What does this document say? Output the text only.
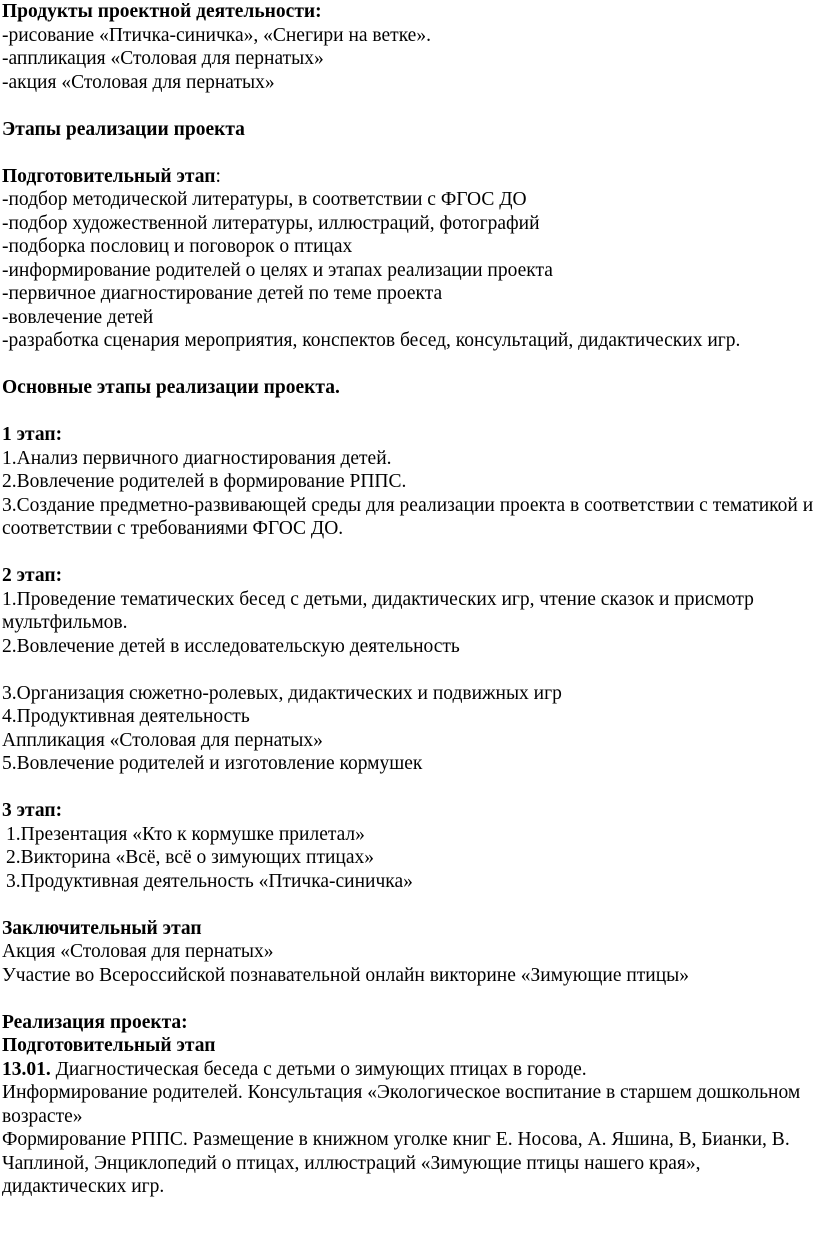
Продукты проектной деятельности:
-рисование «Птичка-синичка», «Снегири на ветке».
-аппликация «Столовая для пернатых»
-акция «Столовая для пернатых»
Этапы реализации проекта
Подготовительный этап:
-подбор методической литературы, в соответствии с ФГОС ДО
-подбор художественной литературы, иллюстраций, фотографий
-подборка пословиц и поговорок о птицах
-информирование родителей о целях и этапах реализации проекта
-первичное диагностирование детей по теме проекта
-вовлечение детей
-разработка сценария мероприятия, конспектов бесед, консультаций, дидактических игр.
Основные этапы реализации проекта.
1 этап:
1.Анализ первичного диагностирования детей.
2.Вовлечение родителей в формирование РППС.
3.Создание предметно-развивающей среды для реализации проекта в соответствии с тематикой и соответствии с требованиями ФГОС ДО.
2 этап:
1.Проведение тематических бесед с детьми, дидактических игр, чтение сказок и присмотр мультфильмов.
2.Вовлечение детей в исследовательскую деятельность
3.Организация сюжетно-ролевых, дидактических и подвижных игр
4.Продуктивная деятельность
Аппликация «Столовая для пернатых»
5.Вовлечение родителей и изготовление кормушек
3 этап:
1.Презентация «Кто к кормушке прилетал»
2.Викторина «Всё, всё о зимующих птицах»
3.Продуктивная деятельность «Птичка-синичка»
Заключительный этап
Акция «Столовая для пернатых»
Участие во Всероссийской познавательной онлайн викторине «Зимующие птицы»
Реализация проекта:
Подготовительный этап
13.01. Диагностическая беседа с детьми о зимующих птицах в городе.
Информирование родителей. Консультация «Экологическое воспитание в старшем дошкольном возрасте»
Формирование РППС. Размещение в книжном уголке книг Е. Носова, А. Яшина, В, Бианки, В. Чаплиной, Энциклопедий о птицах, иллюстраций «Зимующие птицы нашего края», дидактических игр.
